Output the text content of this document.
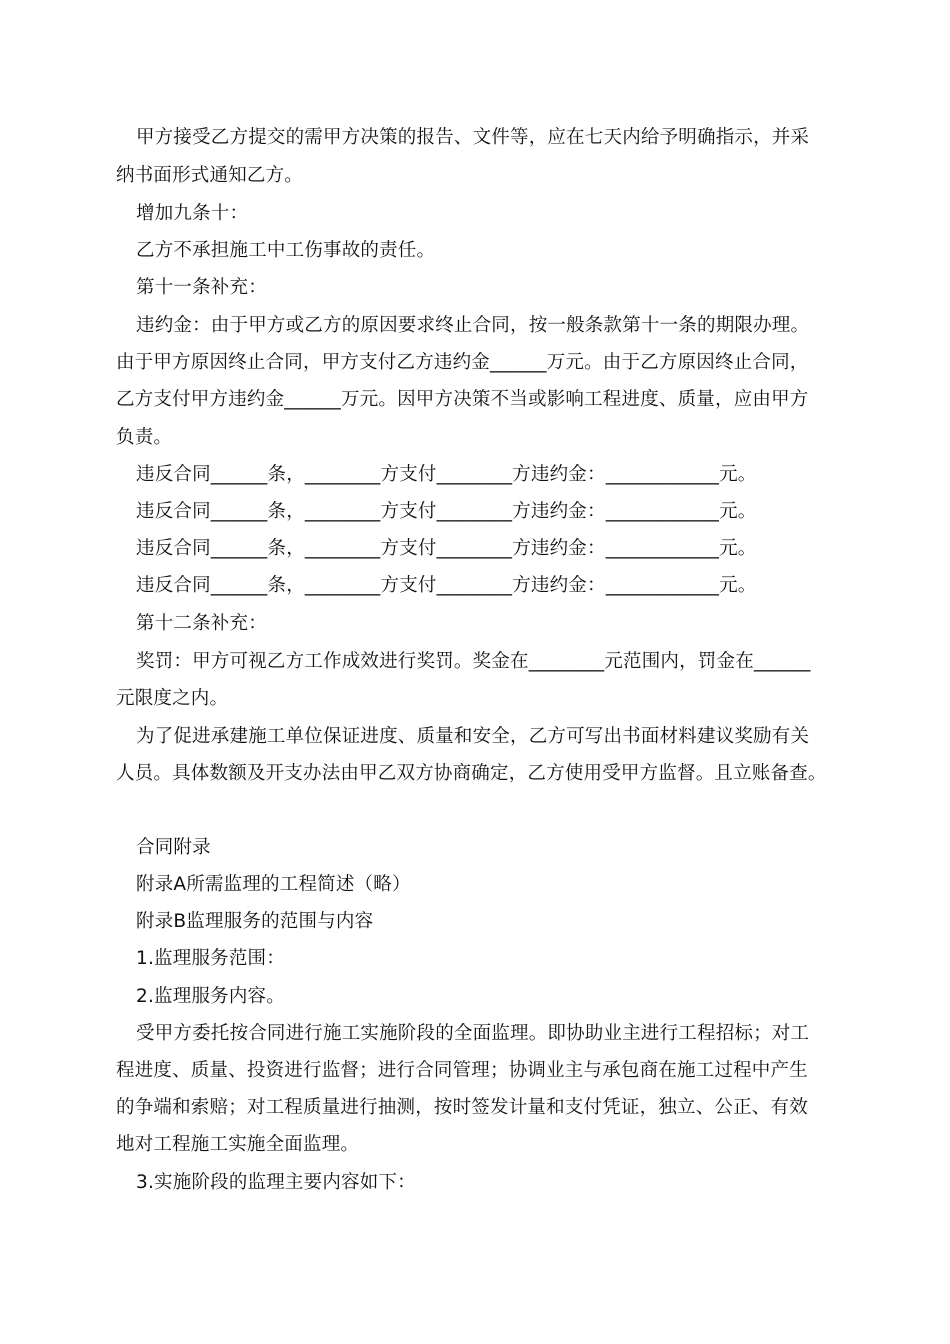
甲方接受乙方提交的需甲方决策的报告、文件等，应在七天内给予明确指示，并采
纳书面形式通知乙方。
增加九条十：
乙方不承担施工中工伤事故的责任。
第十一条补充：
违约金：由于甲方或乙方的原因要求终止合同，按一般条款第十一条的期限办理。
由于甲方原因终止合同，甲方支付乙方违约金______万元。由于乙方原因终止合同，
乙方支付甲方违约金______万元。因甲方决策不当或影响工程进度、质量，应由甲方
负责。
违反合同______条，________方支付________方违约金：____________元。
违反合同______条，________方支付________方违约金：____________元。
违反合同______条，________方支付________方违约金：____________元。
违反合同______条，________方支付________方违约金：____________元。
第十二条补充：
奖罚：甲方可视乙方工作成效进行奖罚。奖金在________元范围内，罚金在______
元限度之内。
为了促进承建施工单位保证进度、质量和安全，乙方可写出书面材料建议奖励有关
人员。具体数额及开支办法由甲乙双方协商确定，乙方使用受甲方监督。且立账备查。
合同附录
附录A所需监理的工程简述（略）
附录B监理服务的范围与内容
1.监理服务范围：
2.监理服务内容。
受甲方委托按合同进行施工实施阶段的全面监理。即协助业主进行工程招标；对工
程进度、质量、投资进行监督；进行合同管理；协调业主与承包商在施工过程中产生
的争端和索赔；对工程质量进行抽测，按时签发计量和支付凭证，独立、公正、有效
地对工程施工实施全面监理。
3.实施阶段的监理主要内容如下：
